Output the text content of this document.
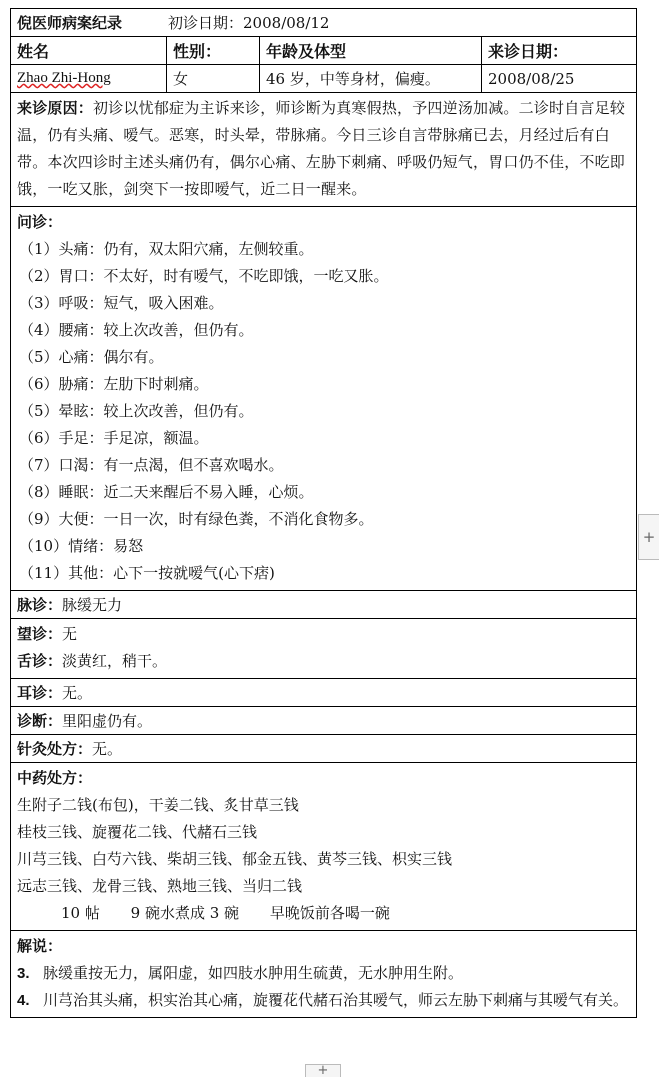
倪医师病案纪录	初诊日期：2008/08/12
姓名	性别：	年龄及体型	来诊日期：
Zhao Zhi-Hong	女	46 岁，中等身材，偏瘦。	2008/08/25
来诊原因：初诊以忧郁症为主诉来诊，师诊断为真寒假热，予四逆汤加减。二诊时自言足较温，仍有头痛、嗳气。恶寒，时头晕，带脉痛。今日三诊自言带脉痛已去，月经过后有白带。本次四诊时主述头痛仍有，偶尔心痛、左胁下刺痛、呼吸仍短气，胃口仍不佳，不吃即饿，一吃又胀，剑突下一按即嗳气，近二日一醒来。
问诊：
（1）头痛：仍有，双太阳穴痛，左侧较重。
（2）胃口：不太好，时有嗳气，不吃即饿，一吃又胀。
（3）呼吸：短气，吸入困难。
（4）腰痛：较上次改善，但仍有。
（5）心痛：偶尔有。
（6）胁痛：左肋下时刺痛。
（5）晕眩：较上次改善，但仍有。
（6）手足：手足凉，额温。
（7）口渴：有一点渴，但不喜欢喝水。
（8）睡眠：近二天来醒后不易入睡，心烦。
（9）大便：一日一次，时有绿色粪，不消化食物多。
（10）情绪：易怒
（11）其他：心下一按就嗳气(心下痞)
脉诊： 脉缓无力
望诊：无
舌诊：淡黄红，稍干。
耳诊： 无。
诊断： 里阳虚仍有。
针灸处方： 无。
中药处方：
生附子二钱(布包)，干姜二钱、炙甘草三钱
桂枝三钱、旋覆花二钱、代赭石三钱
川芎三钱、白芍六钱、柴胡三钱、郁金五钱、黄芩三钱、枳实三钱
远志三钱、龙骨三钱、熟地三钱、当归二钱
10 帖 9 碗水煮成 3 碗 早晚饭前各喝一碗
解说：
3. 脉缓重按无力，属阳虚，如四肢水肿用生硫黄，无水肿用生附。
4. 川芎治其头痛，枳实治其心痛，旋覆花代赭石治其嗳气，师云左胁下刺痛与其嗳气有关。
+
+
